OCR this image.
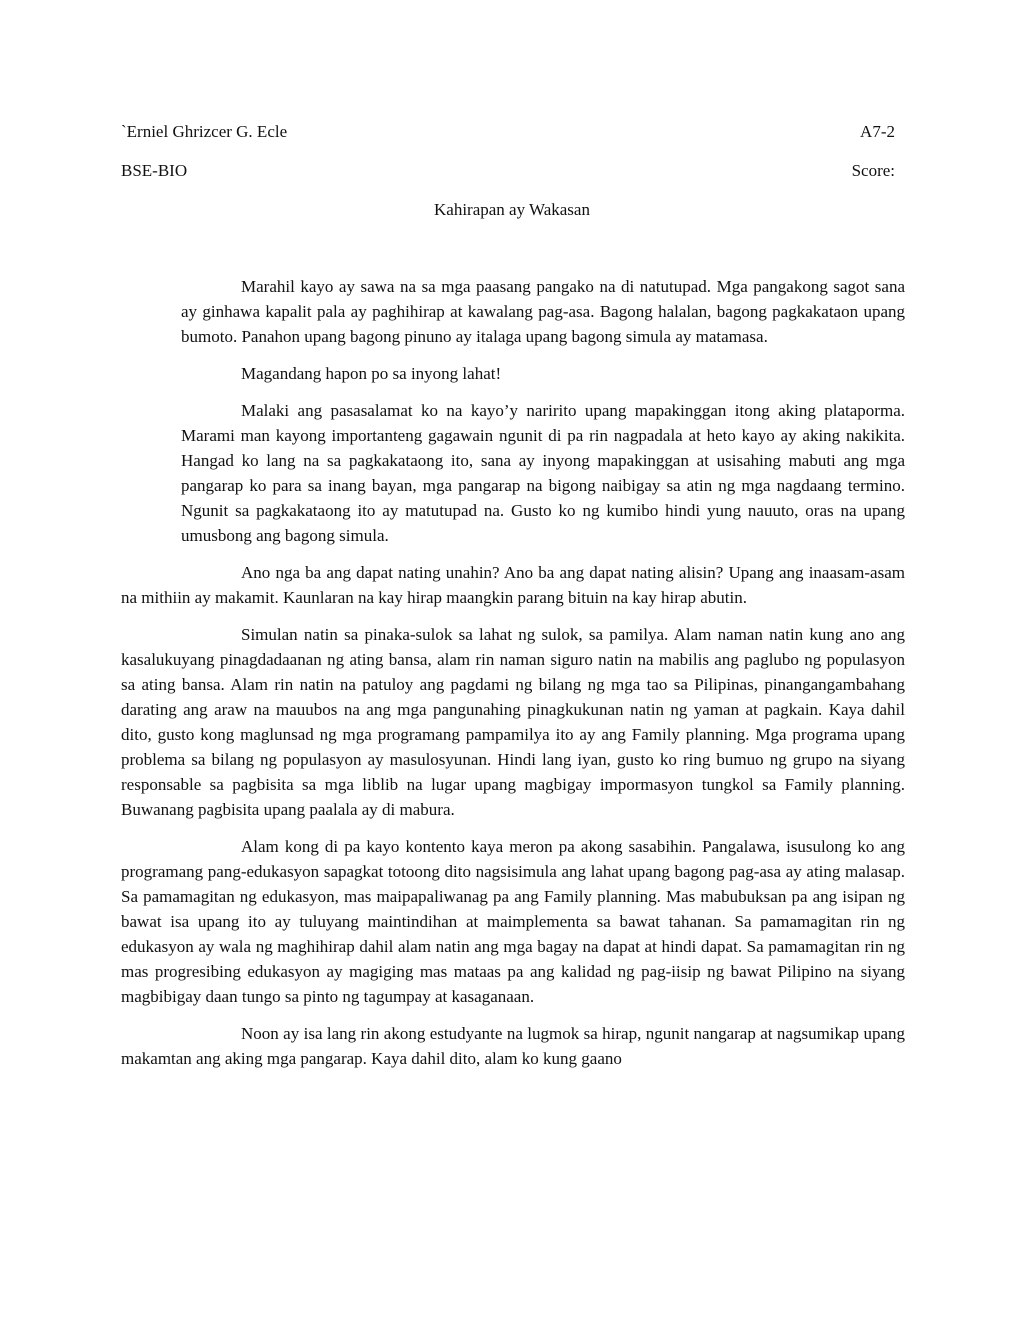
`Erniel Ghrizcer G. Ecle	A7-2
BSE-BIO	Score:
Kahirapan ay Wakasan

Marahil kayo ay sawa na sa mga paasang pangako na di natutupad. Mga pangakong sagot sana ay ginhawa kapalit pala ay paghihirap at kawalang pag-asa. Bagong halalan, bagong pagkakataon upang bumoto. Panahon upang bagong pinuno ay italaga upang bagong simula ay matamasa.

Magandang hapon po sa inyong lahat!

Malaki ang pasasalamat ko na kayo’y naririto upang mapakinggan itong aking plataporma. Marami man kayong importanteng gagawain ngunit di pa rin nagpadala at heto kayo ay aking nakikita. Hangad ko lang na sa pagkakataong ito, sana ay inyong mapakinggan at usisahing mabuti ang mga pangarap ko para sa inang bayan, mga pangarap na bigong naibigay sa atin ng mga nagdaang termino. Ngunit sa pagkakataong ito ay matutupad na. Gusto ko ng kumibo hindi yung nauuto, oras na upang umusbong ang bagong simula.

Ano nga ba ang dapat nating unahin? Ano ba ang dapat nating alisin? Upang ang inaasam-asam na mithiin ay makamit. Kaunlaran na kay hirap maangkin parang bituin na kay hirap abutin.

Simulan natin sa pinaka-sulok sa lahat ng sulok, sa pamilya. Alam naman natin kung ano ang kasalukuyang pinagdadaanan ng ating bansa, alam rin naman siguro natin na mabilis ang paglubo ng populasyon sa ating bansa. Alam rin natin na patuloy ang pagdami ng bilang ng mga tao sa Pilipinas, pinangangambahang darating ang araw na mauubos na ang mga pangunahing pinagkukunan natin ng yaman at pagkain. Kaya dahil dito, gusto kong maglunsad ng mga programang pampamilya ito ay ang Family planning. Mga programa upang problema sa bilang ng populasyon ay masulosyunan. Hindi lang iyan, gusto ko ring bumuo ng grupo na siyang responsable sa pagbisita sa mga liblib na lugar upang magbigay impormasyon tungkol sa Family planning. Buwanang pagbisita upang paalala ay di mabura.

Alam kong di pa kayo kontento kaya meron pa akong sasabihin. Pangalawa, isusulong ko ang programang pang-edukasyon sapagkat totoong dito nagsisimula ang lahat upang bagong pag-asa ay ating malasap. Sa pamamagitan ng edukasyon, mas maipapaliwanag pa ang Family planning. Mas mabubuksan pa ang isipan ng bawat isa upang ito ay tuluyang maintindihan at maimplementa sa bawat tahanan. Sa pamamagitan rin ng edukasyon ay wala ng maghihirap dahil alam natin ang mga bagay na dapat at hindi dapat. Sa pamamagitan rin ng mas progresibing edukasyon ay magiging mas mataas pa ang kalidad ng pag-iisip ng bawat Pilipino na siyang magbibigay daan tungo sa pinto ng tagumpay at kasaganaan.

Noon ay isa lang rin akong estudyante na lugmok sa hirap, ngunit nangarap at nagsumikap upang makamtan ang aking mga pangarap. Kaya dahil dito, alam ko kung gaano
